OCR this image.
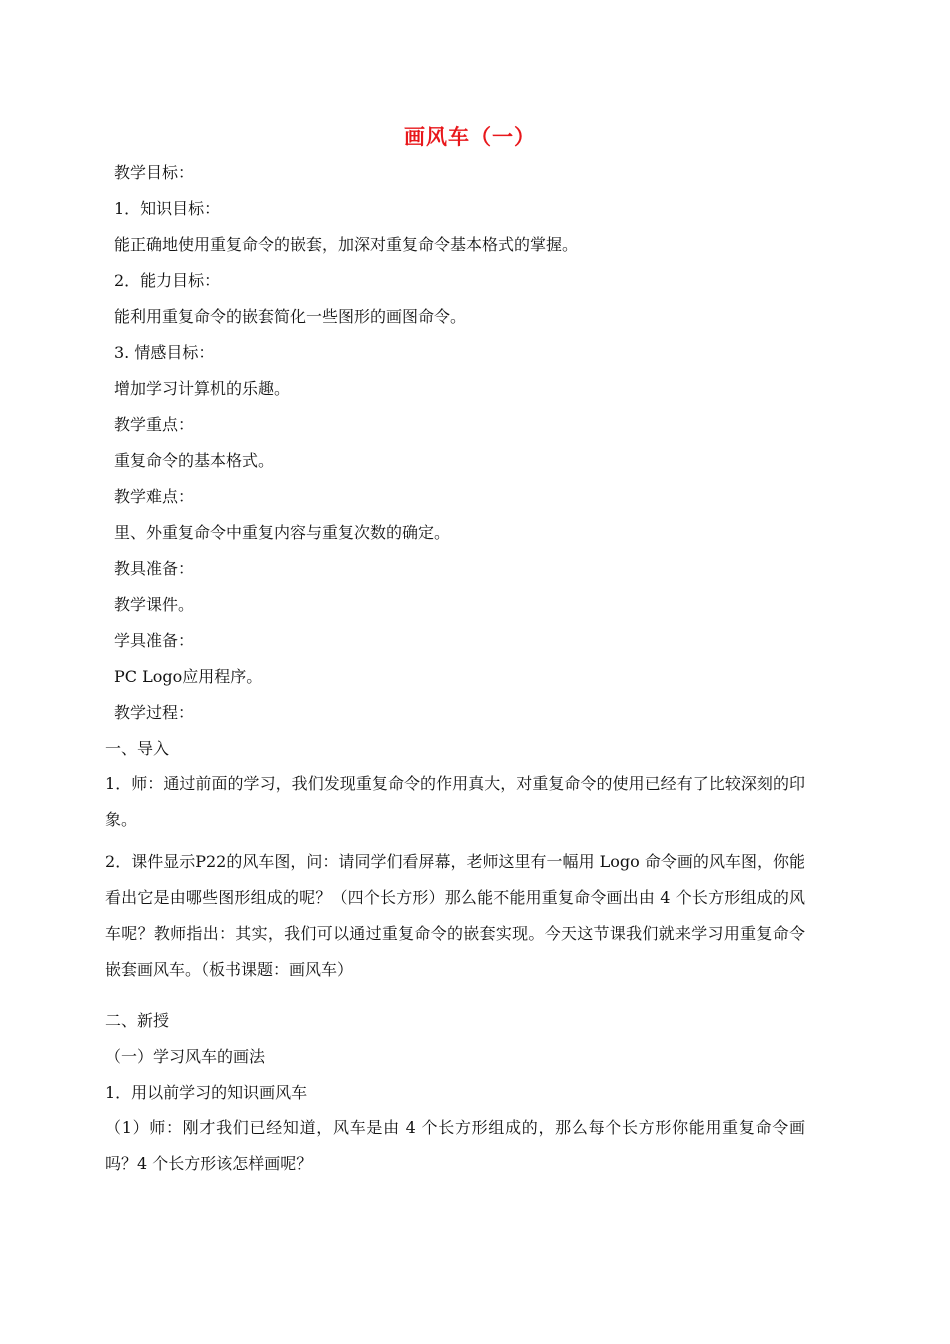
画风车（一）
教学目标：
1．知识目标：
能正确地使用重复命令的嵌套，加深对重复命令基本格式的掌握。
2．能力目标：
能利用重复命令的嵌套简化一些图形的画图命令。
3. 情感目标：
增加学习计算机的乐趣。
教学重点：
重复命令的基本格式。
教学难点：
里、外重复命令中重复内容与重复次数的确定。
教具准备：
教学课件。
学具准备：
PC Logo应用程序。
教学过程：
一、导入
1．师：通过前面的学习，我们发现重复命令的作用真大，对重复命令的使用已经有了比较深刻的印象。
2．课件显示P22的风车图，问：请同学们看屏幕，老师这里有一幅用 Logo 命令画的风车图，你能看出它是由哪些图形组成的呢？（四个长方形）那么能不能用重复命令画出由 4 个长方形组成的风车呢？教师指出：其实，我们可以通过重复命令的嵌套实现。今天这节课我们就来学习用重复命令嵌套画风车。（板书课题：画风车）
二、新授
（一）学习风车的画法
1．用以前学习的知识画风车
（1）师：刚才我们已经知道，风车是由 4 个长方形组成的，那么每个长方形你能用重复命令画吗？4 个长方形该怎样画呢？
